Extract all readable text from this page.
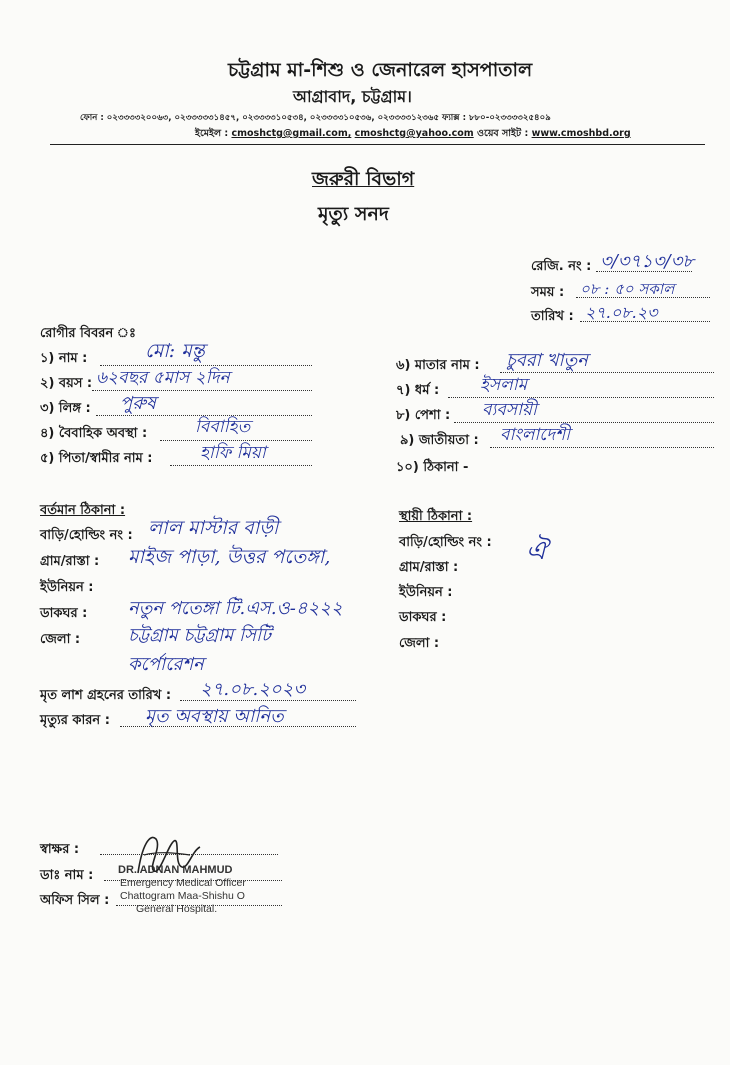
চট্টগ্রাম মা-শিশু ও জেনারেল হাসপাতাল
আগ্রাবাদ, চট্টগ্রাম।
ফোন : ০২৩৩৩৩২০০৬৩, ০২৩৩৩৩৩১৪৫৭, ০২৩৩৩৩১০৫৩৪, ০২৩৩৩৩১০৫৩৬, ০২৩৩৩৩১২৩৬৫ ফ্যাক্স : ৮৮০-০২৩৩৩৩২৫৪০৯
ইমেইল : cmoshctg@gmail.com, cmoshctg@yahoo.com ওয়েব সাইট : www.cmoshbd.org
জরুরী বিভাগ
মৃত্যু সনদ
রেজি. নং : ৩/৩৭১৩/৩৮
সময় : ০৮ : ৫০ সকাল
তারিখ : ২৭.০৮.২৩
রোগীর বিবরন ঃ
১) নাম :	মো: মন্তু
২) বয়স : ৬২বছর ৫মাস ২দিন
৩) লিঙ্গ : পুরুষ
৪) বৈবাহিক অবস্থা :	বিবাহিত
৫) পিতা/স্বামীর নাম :	হাফি মিয়া
৬) মাতার নাম : চুবরা খাতুন
৭) ধর্ম : ইসলাম
৮) পেশা : ব্যবসায়ী
৯) জাতীয়তা : বাংলাদেশী
১০) ঠিকানা -
বর্তমান ঠিকানা :
বাড়ি/হোল্ডিং নং : লাল মাস্টার বাড়ী
গ্রাম/রাস্তা : মাইজ পাড়া, উত্তর পতেঙ্গা,
ইউনিয়ন :
ডাকঘর : নতুন পতেঙ্গা টি.এস.ও-৪২২২
জেলা :	চট্টগ্রাম চট্টগ্রাম সিটি
কর্পোরেশন
স্থায়ী ঠিকানা :
বাড়ি/হোল্ডিং নং : ঐ
গ্রাম/রাস্তা :
ইউনিয়ন :
ডাকঘর :
জেলা :
মৃত লাশ গ্রহনের তারিখ : ২৭.০৮.২০২৩
মৃত্যুর কারন : মৃত অবস্থায় আনিত
স্বাক্ষর :
ডাঃ নাম :
অফিস সিল :
DR. ADNAN MAHMUD
Emergency Medical Officer
Chattogram Maa-Shishu O
General Hospital.
